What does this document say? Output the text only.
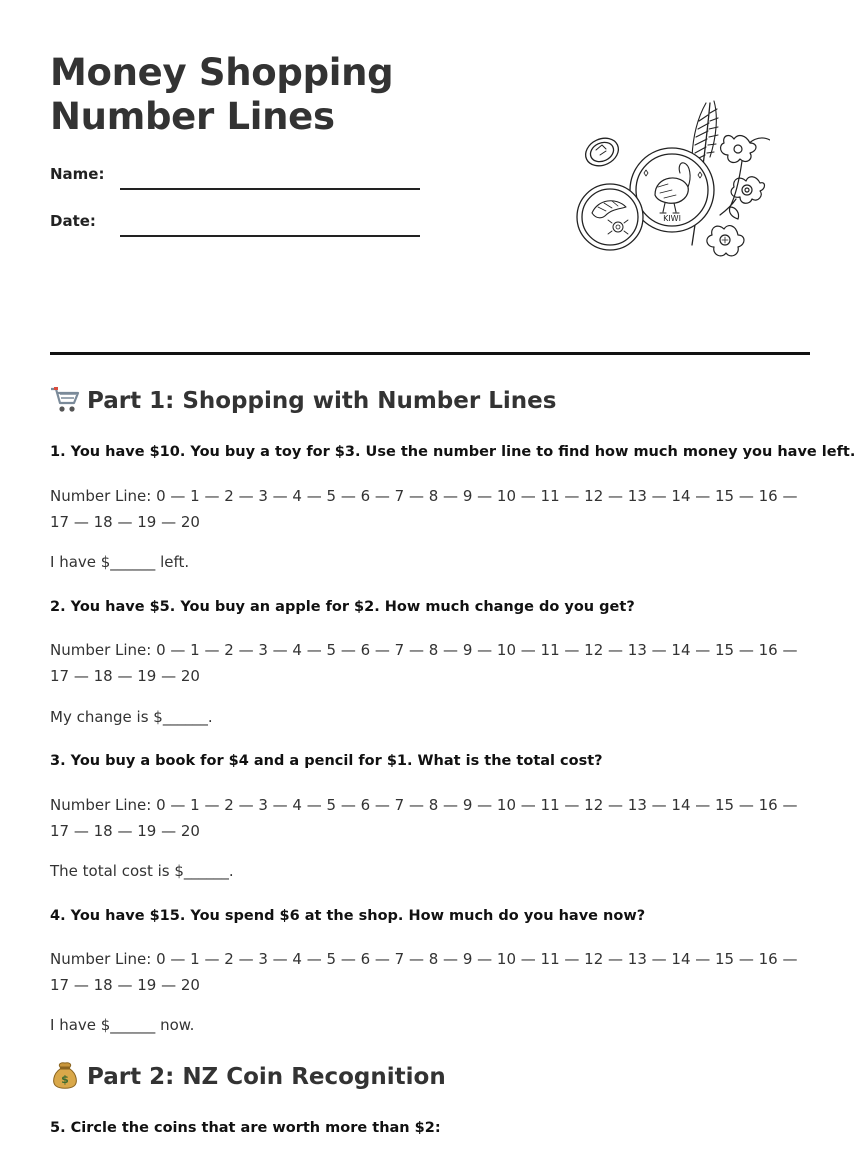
Money Shopping
Number Lines
Name:
Date:	KIWI
Part 1: Shopping with Number Lines

1. You have $10. You buy a toy for $3. Use the number line to find how much money you have left.

Number Line: 0 — 1 — 2 — 3 — 4 — 5 — 6 — 7 — 8 — 9 — 10 — 11 — 12 — 13 — 14 — 15 — 16 — 17 — 18 — 19 — 20

I have $______ left.

2. You have $5. You buy an apple for $2. How much change do you get?

Number Line: 0 — 1 — 2 — 3 — 4 — 5 — 6 — 7 — 8 — 9 — 10 — 11 — 12 — 13 — 14 — 15 — 16 — 17 — 18 — 19 — 20

My change is $______.

3. You buy a book for $4 and a pencil for $1. What is the total cost?

Number Line: 0 — 1 — 2 — 3 — 4 — 5 — 6 — 7 — 8 — 9 — 10 — 11 — 12 — 13 — 14 — 15 — 16 — 17 — 18 — 19 — 20

The total cost is $______.

4. You have $15. You spend $6 at the shop. How much do you have now?

Number Line: 0 — 1 — 2 — 3 — 4 — 5 — 6 — 7 — 8 — 9 — 10 — 11 — 12 — 13 — 14 — 15 — 16 — 17 — 18 — 19 — 20

I have $______ now.

$ Part 2: NZ Coin Recognition

5. Circle the coins that are worth more than $2:
